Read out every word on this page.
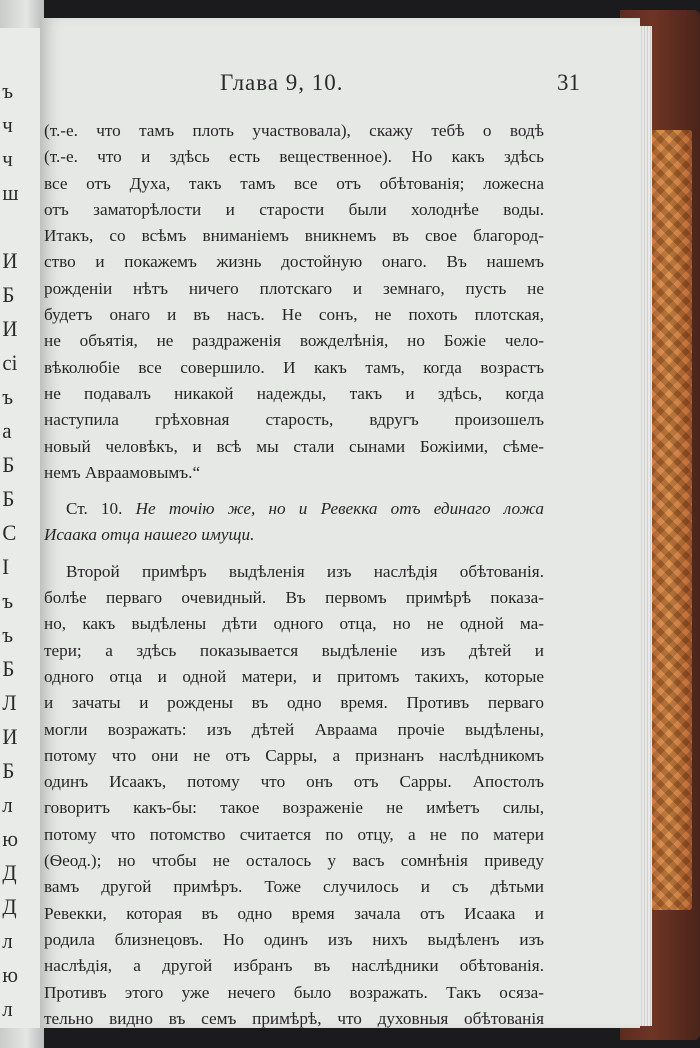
ъ
ч
ч
ш
И
Б
И
сі
ъ
а
Б
Б
С
І
ъ
ъ
Б
Л
И
Б
л
ю
Д
Д
л
ю
л
Глава 9, 10.	31
(т.-е. что тамъ плоть участвовала), скажу тебѣ о водѣ
(т.-е. что и здѣсь есть вещественное). Но какъ здѣсь
все отъ Духа, такъ тамъ все отъ обѣтованія; ложесна
отъ заматорѣлости и старости были холоднѣе воды.
Итакъ, со всѣмъ вниманіемъ вникнемъ въ свое благород-
ство и покажемъ жизнь достойную онаго. Въ нашемъ
рожденіи нѣтъ ничего плотскаго и земнаго, пусть не
будетъ онаго и въ насъ. Не сонъ, не похоть плотская,
не объятія, не раздраженія вожделѣнія, но Божіе чело-
вѣколюбіе все совершило. И какъ тамъ, когда возрастъ
не подавалъ никакой надежды, такъ и здѣсь, когда
наступила грѣховная старость, вдругъ произошелъ
новый человѣкъ, и всѣ мы стали сынами Божіими, сѣме-
немъ Авраамовымъ.“
Ст. 10. Не точію же, но и Ревекка отъ единаго ложа
Исаака отца нашего имущи.
Второй примѣръ выдѣленія изъ наслѣдія обѣтованія.
болѣе перваго очевидный. Въ первомъ примѣрѣ показа-
но, какъ выдѣлены дѣти одного отца, но не одной ма-
тери; а здѣсь показывается выдѣленіе изъ дѣтей и
одного отца и одной матери, и притомъ такихъ, которые
и зачаты и рождены въ одно время. Противъ перваго
могли возражать: изъ дѣтей Авраама прочіе выдѣлены,
потому что они не отъ Сарры, а признанъ наслѣдникомъ
одинъ Исаакъ, потому что онъ отъ Сарры. Апостолъ
говоритъ какъ-бы: такое возраженіе не имѣетъ силы,
потому что потомство считается по отцу, а не по матери
(Ѳеод.); но чтобы не осталось у васъ сомнѣнія приведу
вамъ другой примѣръ. Тоже случилось и съ дѣтьми
Ревекки, которая въ одно время зачала отъ Исаака и
родила близнецовъ. Но одинъ изъ нихъ выдѣленъ изъ
наслѣдія, а другой избранъ въ наслѣдники обѣтованія.
Противъ этого уже нечего было возражать. Такъ осяза-
тельно видно въ семъ примѣрѣ, что духовныя обѣтованія
